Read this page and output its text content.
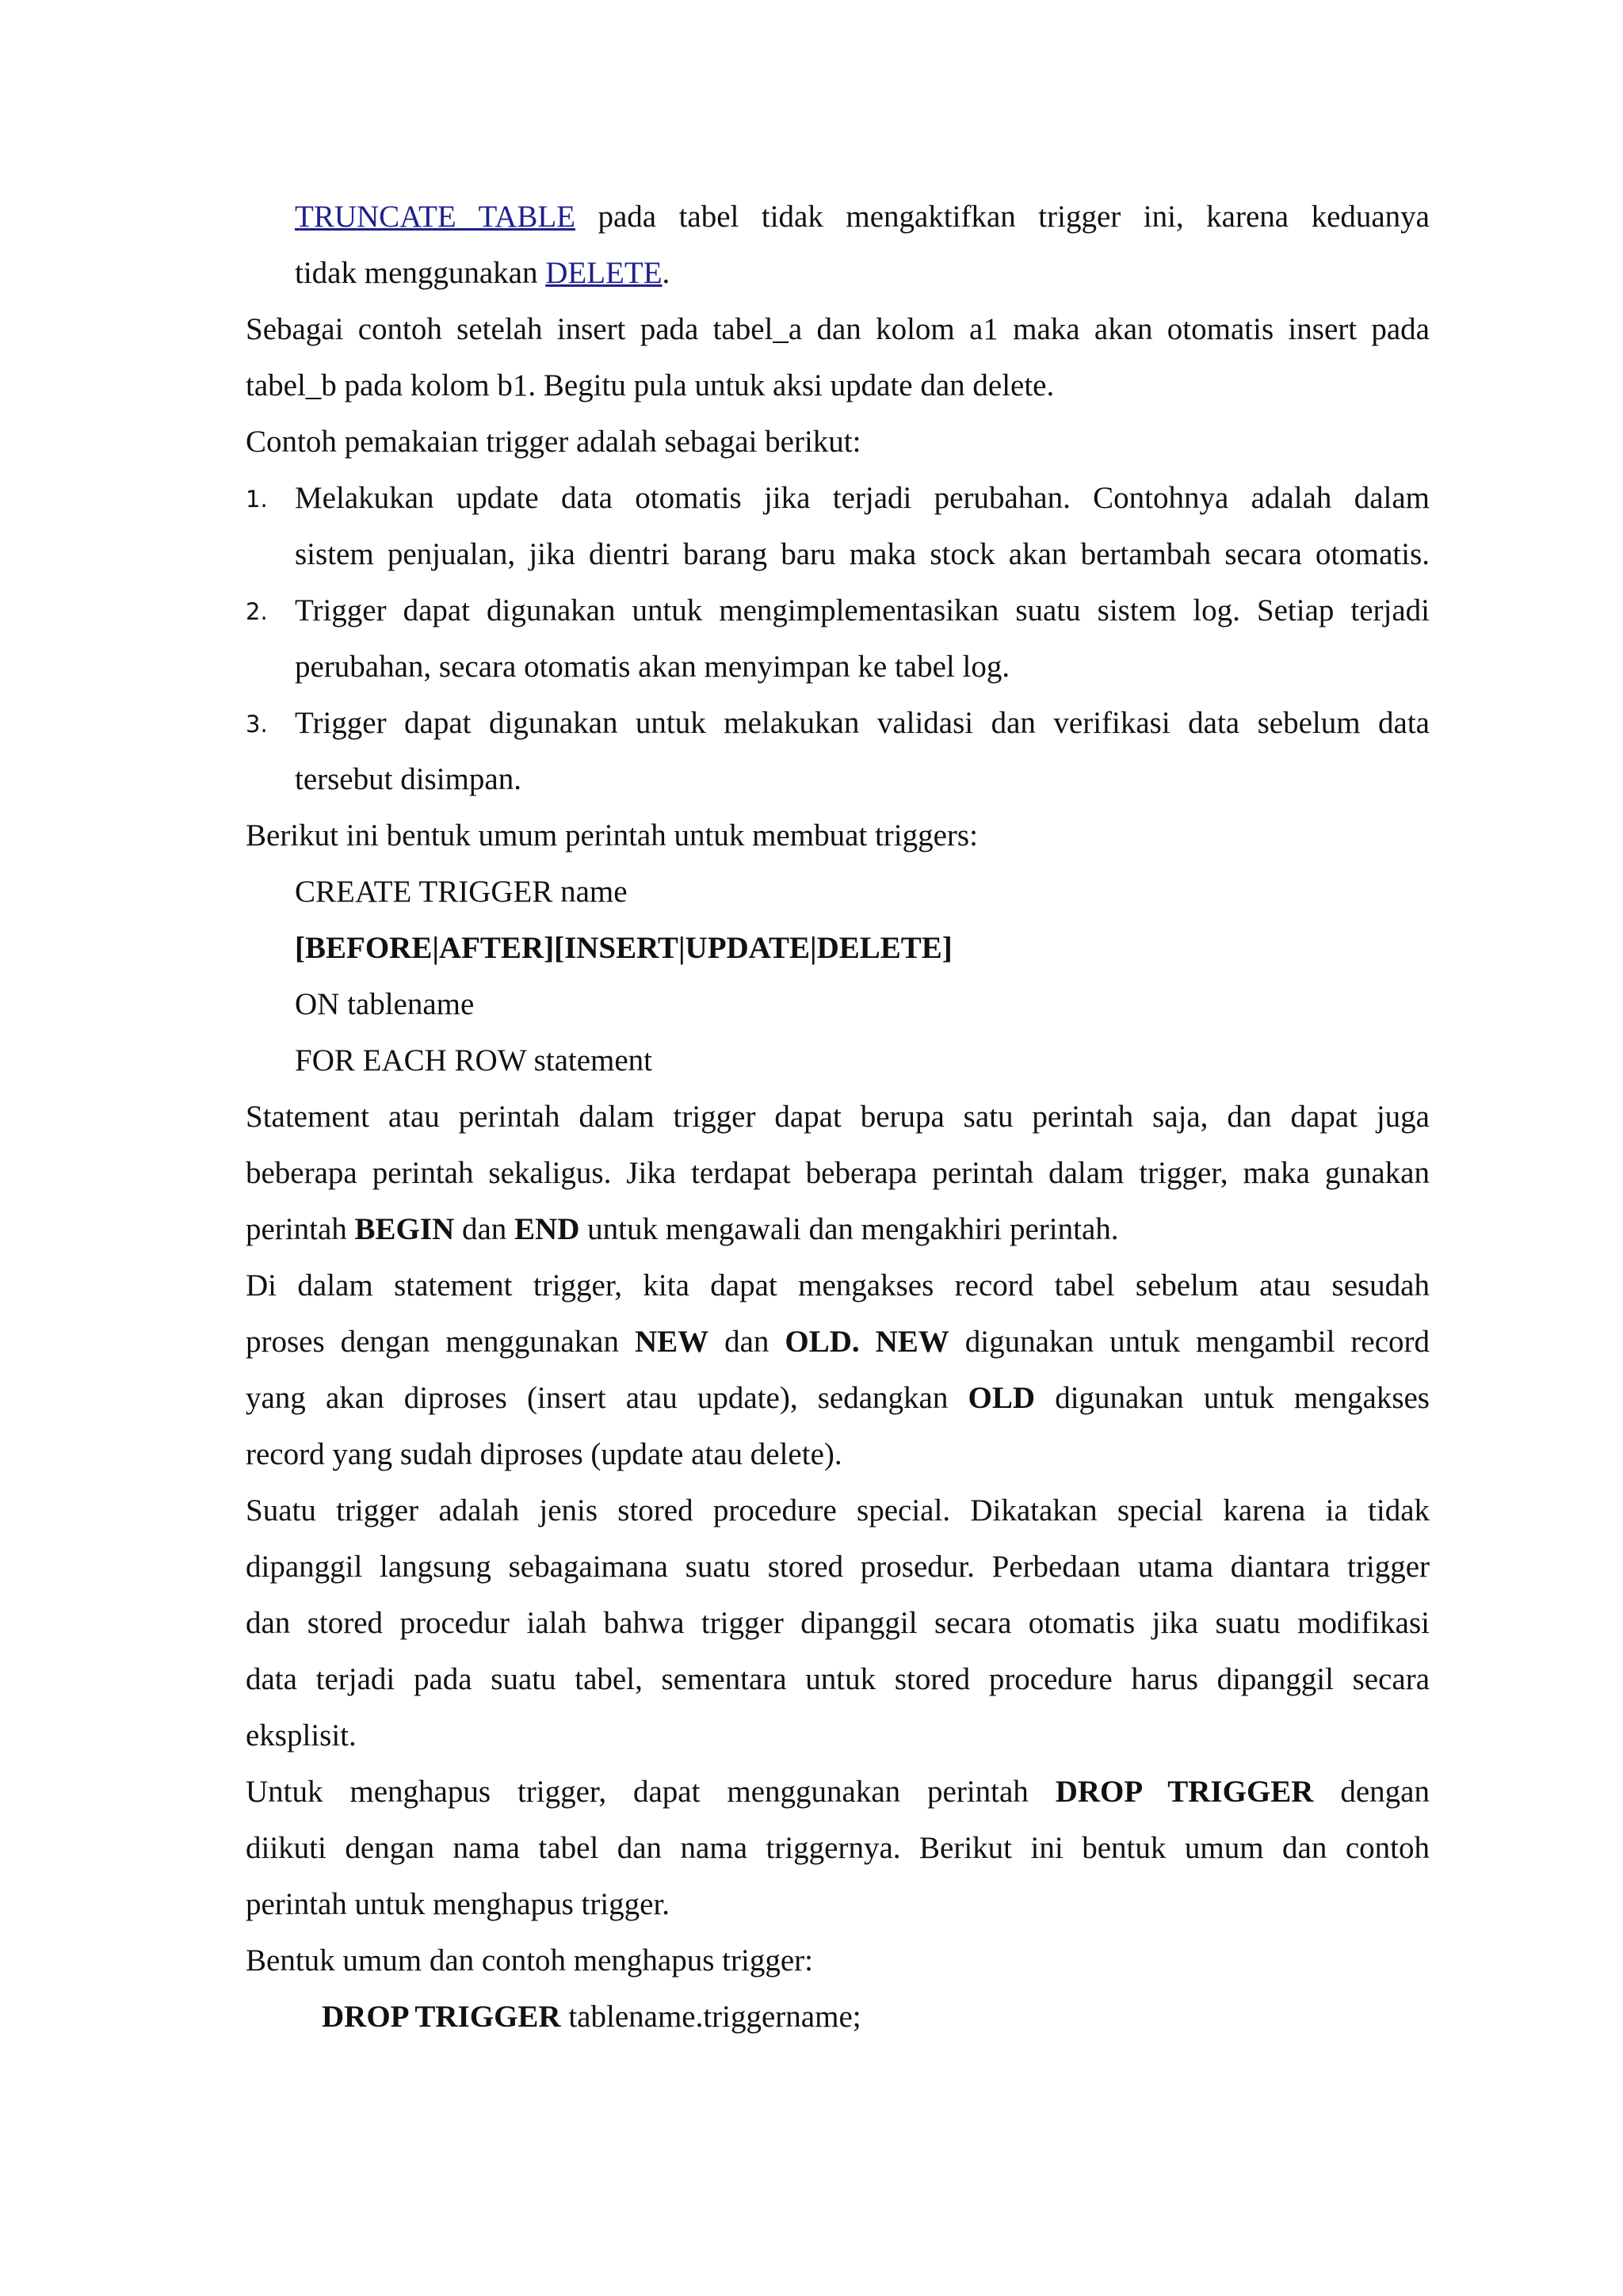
TRUNCATE TABLE pada tabel tidak mengaktifkan trigger ini, karena keduanya
tidak menggunakan DELETE.
Sebagai contoh setelah insert pada tabel_a dan kolom a1 maka akan otomatis insert pada
tabel_b pada kolom b1. Begitu pula untuk aksi update dan delete.
Contoh pemakaian trigger adalah sebagai berikut:
1. Melakukan update data otomatis jika terjadi perubahan. Contohnya adalah dalam
sistem penjualan, jika dientri barang baru maka stock akan bertambah secara otomatis.
2. Trigger dapat digunakan untuk mengimplementasikan suatu sistem log. Setiap terjadi
perubahan, secara otomatis akan menyimpan ke tabel log.
3. Trigger dapat digunakan untuk melakukan validasi dan verifikasi data sebelum data
tersebut disimpan.
Berikut ini bentuk umum perintah untuk membuat triggers:
CREATE TRIGGER name
[BEFORE|AFTER][INSERT|UPDATE|DELETE]
ON tablename
FOR EACH ROW statement
Statement atau perintah dalam trigger dapat berupa satu perintah saja, dan dapat juga
beberapa perintah sekaligus. Jika terdapat beberapa perintah dalam trigger, maka gunakan
perintah BEGIN dan END untuk mengawali dan mengakhiri perintah.
Di dalam statement trigger, kita dapat mengakses record tabel sebelum atau sesudah
proses dengan menggunakan NEW dan OLD. NEW digunakan untuk mengambil record
yang akan diproses (insert atau update), sedangkan OLD digunakan untuk mengakses
record yang sudah diproses (update atau delete).
Suatu trigger adalah jenis stored procedure special. Dikatakan special karena ia tidak
dipanggil langsung sebagaimana suatu stored prosedur. Perbedaan utama diantara trigger
dan stored procedur ialah bahwa trigger dipanggil secara otomatis jika suatu modifikasi
data terjadi pada suatu tabel, sementara untuk stored procedure harus dipanggil secara
eksplisit.
Untuk menghapus trigger, dapat menggunakan perintah DROP TRIGGER dengan
diikuti dengan nama tabel dan nama triggernya. Berikut ini bentuk umum dan contoh
perintah untuk menghapus trigger.
Bentuk umum dan contoh menghapus trigger:
DROP TRIGGER tablename.triggername;
